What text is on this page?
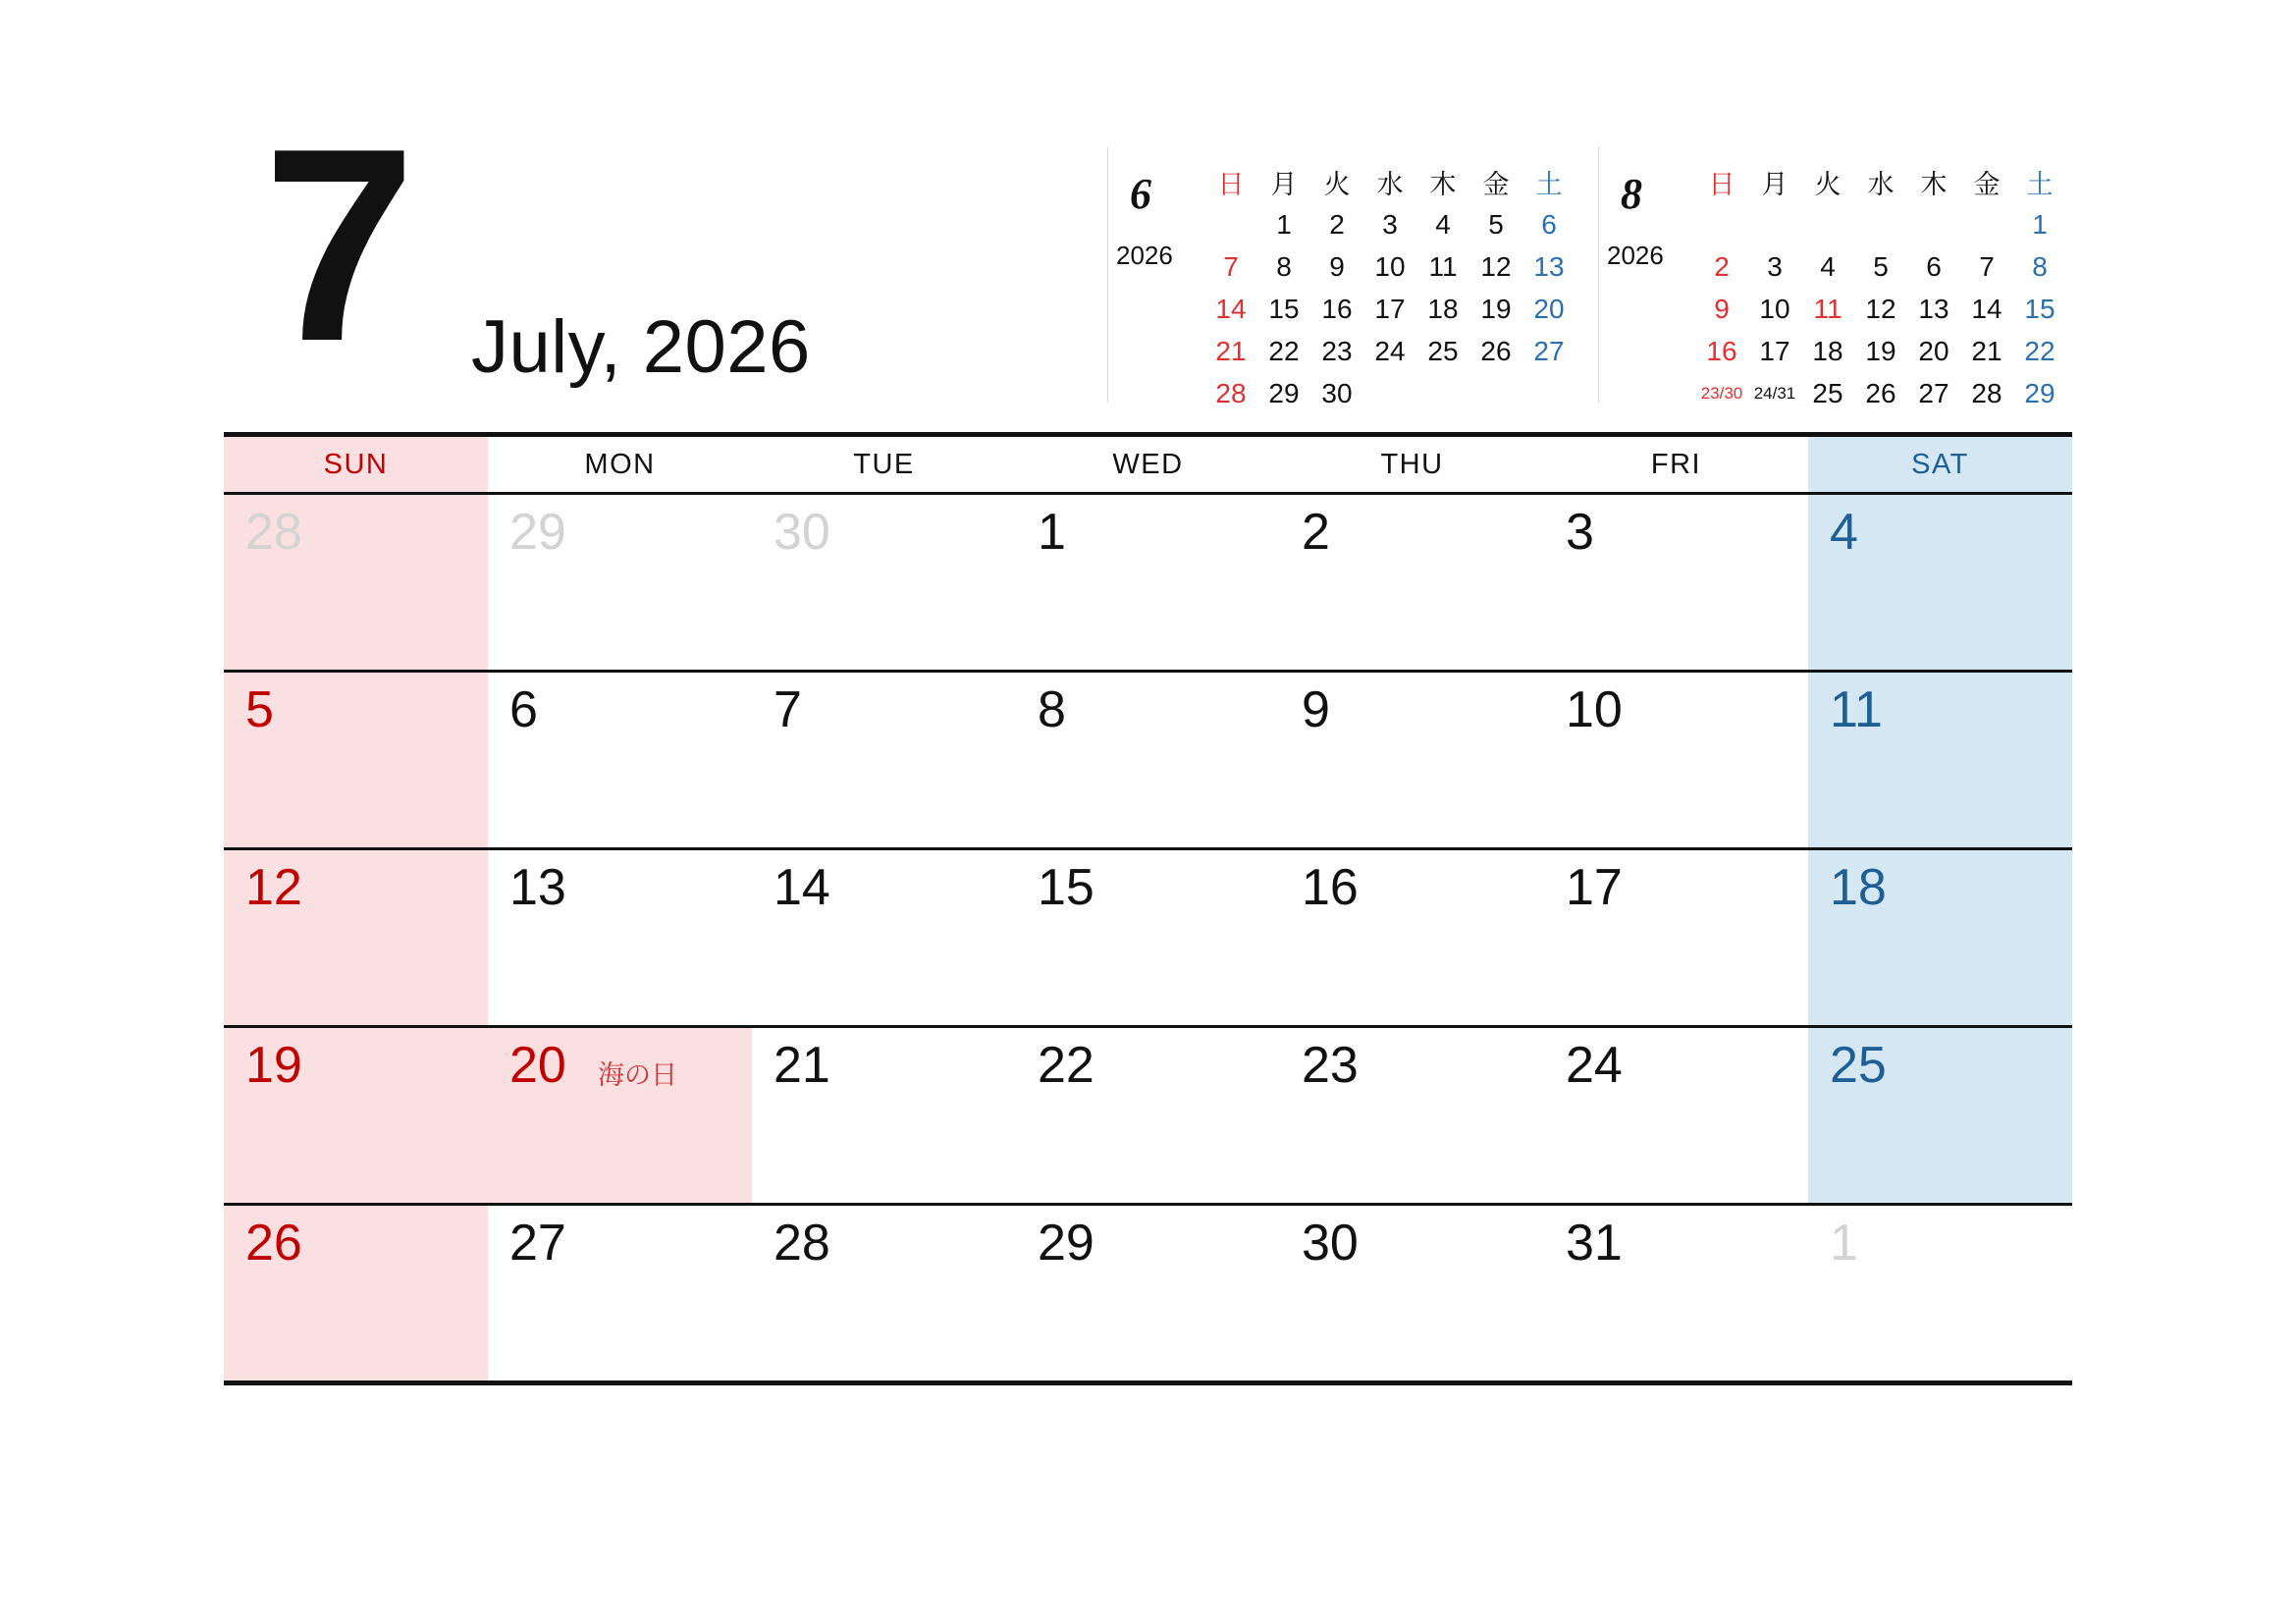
7 July, 2026
6
2026
日	月	火	水	木	金	土
	1	2	3	4	5	6
7	8	9	10	11	12	13
14	15	16	17	18	19	20
21	22	23	24	25	26	27
28	29	30				
8
2026
日	月	火	水	木	金	土
						1
2	3	4	5	6	7	8
9	10	11	12	13	14	15
16	17	18	19	20	21	22
23/30	24/31	25	26	27	28	29
SUN	MON	TUE	WED	THU	FRI	SAT

28	29	30	1	2	3	4

5	6	7	8	9	10	11

12	13	14	15	16	17	18

19	20 海の日	21	22	23	24	25

26	27	28	29	30	31	1
